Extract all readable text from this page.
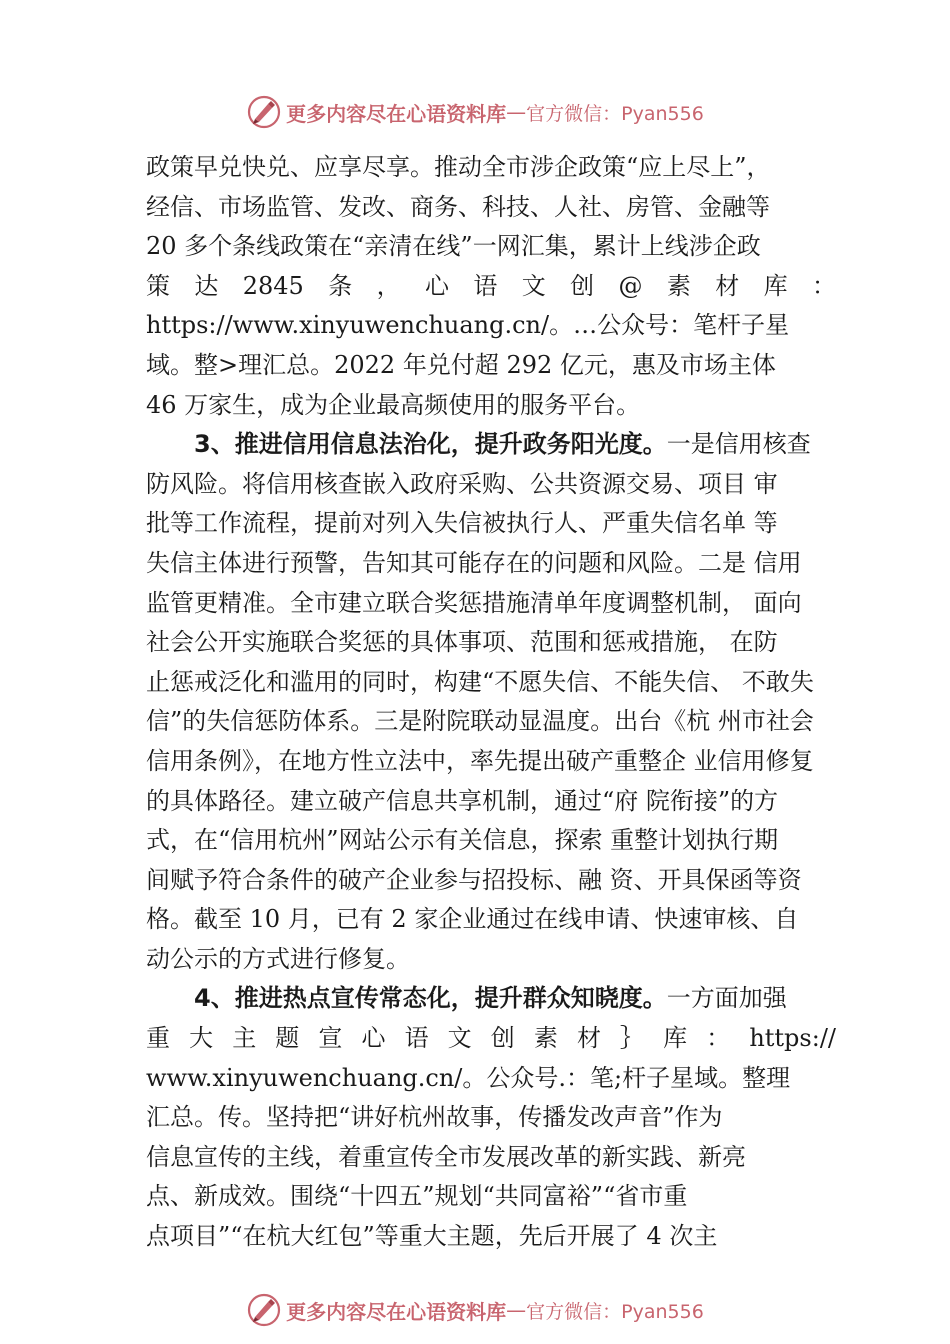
更多内容尽在心语资料库 — 官方微信：Pyan556
政策早兑快兑、应享尽享。推动全市涉企政策“应上尽上”，
经信、市场监管、发改、商务、科技、人社、房管、金融等
20 多个条线政策在“亲清在线”一网汇集，累计上线涉企政
策 达 2845 条 ， 心 语 文 创 @ 素 材 库 ：
https://www.xinyuwenchuang.cn/。…公众号：笔杆子星
域。整>理汇总。2022 年兑付超 292 亿元，惠及市场主体
46 万家生，成为企业最高频使用的服务平台。
3、推进信用信息法治化，提升政务阳光度。一是信用核查
防风险。将信用核查嵌入政府采购、公共资源交易、项目 审
批等工作流程，提前对列入失信被执行人、严重失信名单 等
失信主体进行预警，告知其可能存在的问题和风险。二是 信用
监管更精准。全市建立联合奖惩措施清单年度调整机制， 面向
社会公开实施联合奖惩的具体事项、范围和惩戒措施， 在防
止惩戒泛化和滥用的同时，构建“不愿失信、不能失信、 不敢失
信”的失信惩防体系。三是附院联动显温度。出台《杭 州市社会
信用条例》，在地方性立法中，率先提出破产重整企 业信用修复
的具体路径。建立破产信息共享机制，通过“府 院衔接”的方
式，在“信用杭州”网站公示有关信息，探索 重整计划执行期
间赋予符合条件的破产企业参与招投标、融 资、开具保函等资
格。截至 10 月，已有 2 家企业通过在线申请、快速审核、自
动公示的方式进行修复。
4、推进热点宣传常态化，提升群众知晓度。一方面加强
重 大 主 题 宣 心 语 文 创 素 材 ｝ 库 ： https://
www.xinyuwenchuang.cn/。公众号.：笔;杆子星域。整理
汇总。传。坚持把“讲好杭州故事，传播发改声音”作为
信息宣传的主线，着重宣传全市发展改革的新实践、新亮
点、新成效。围绕“十四五”规划“共同富裕”“省市重
点项目”“在杭大红包”等重大主题，先后开展了 4 次主
更多内容尽在心语资料库 — 官方微信：Pyan556
